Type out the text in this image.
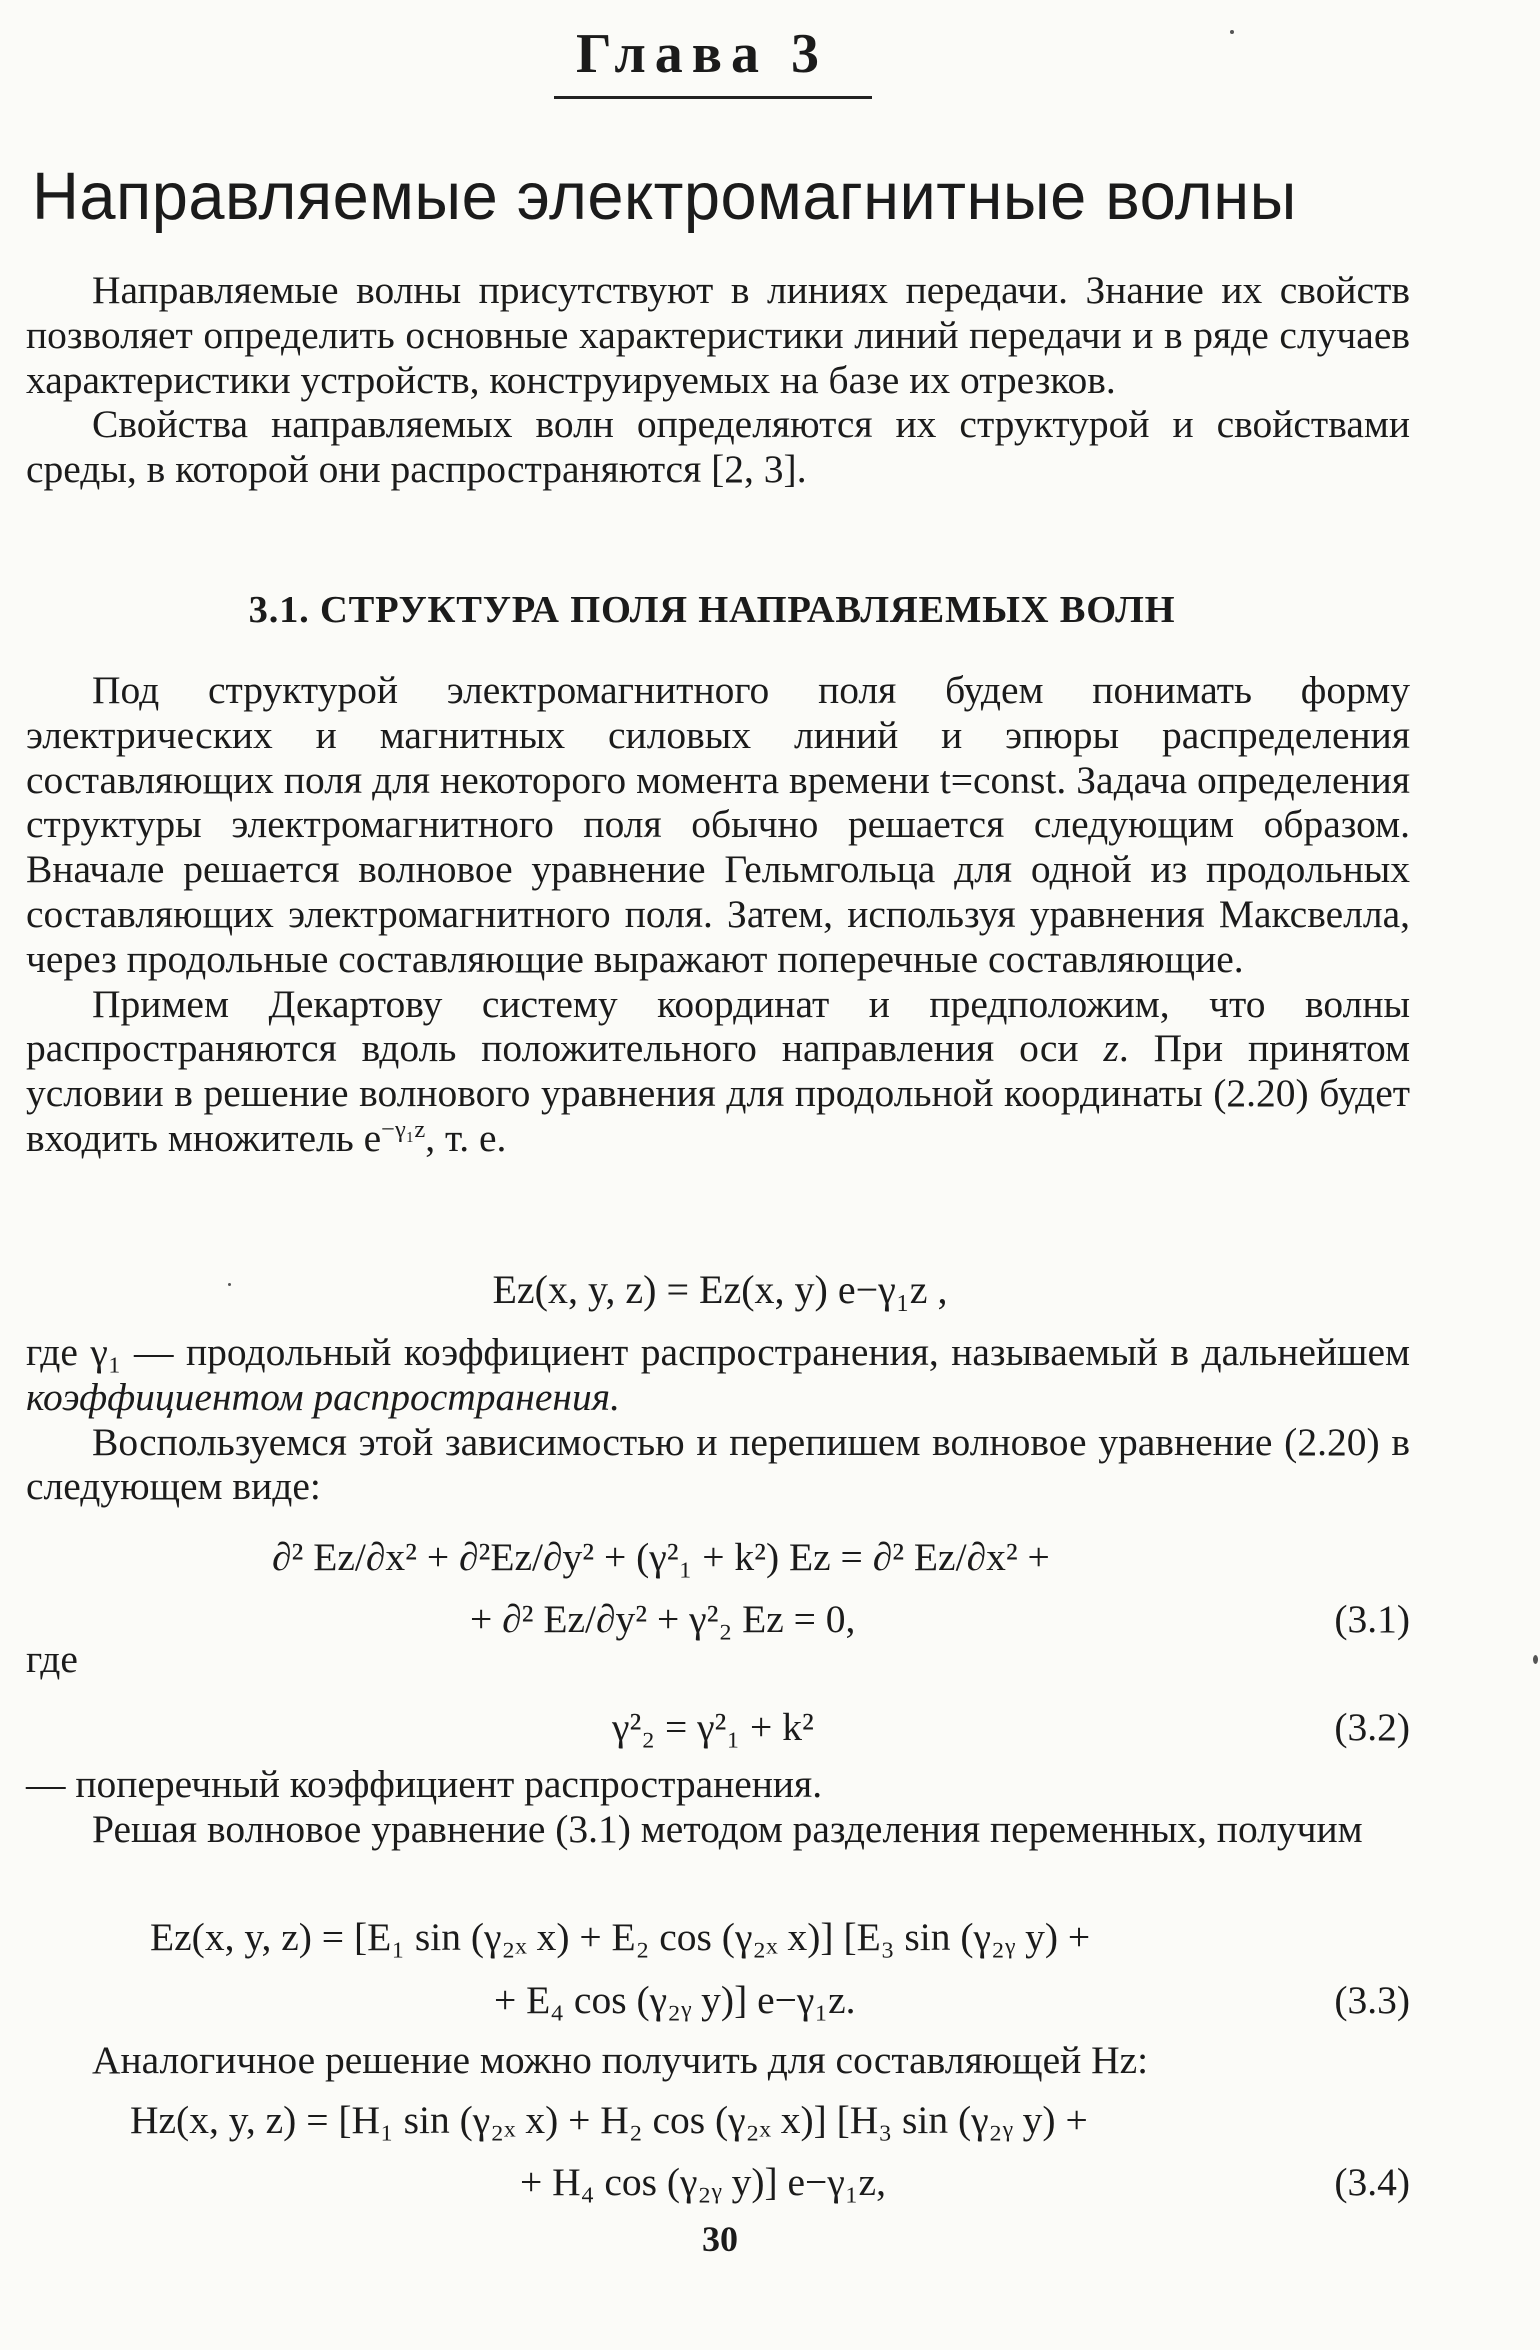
Глава 3
Направляемые электромагнитные волны

Направляемые волны присутствуют в линиях передачи. Знание их свойств позволяет определить основные характеристики линий передачи и в ряде случаев характеристики устройств, конструируемых на базе их отрезков.

Свойства направляемых волн определяются их структурой и свойствами среды, в которой они распространяются [2, 3].

3.1. СТРУКТУРА ПОЛЯ НАПРАВЛЯЕМЫХ ВОЛН

Под структурой электромагнитного поля будем понимать форму электрических и магнитных силовых линий и эпюры распределения составляющих поля для некоторого момента времени t=const. Задача определения структуры электромагнитного поля обычно решается следующим образом. Вначале решается волновое уравнение Гельмгольца для одной из продольных составляющих электромагнитного поля. Затем, используя уравнения Максвелла, через продольные составляющие выражают поперечные составляющие.

Примем Декартову систему координат и предположим, что волны распространяются вдоль положительного направления оси z. При принятом условии в решение волнового уравнения для продольной координаты (2.20) будет входить множитель $e^{-\gamma_1z}$, т. е.

Ez(x, y, z) = Ez(x, y) e−γ₁z ,

где γ₁ — продольный коэффициент распространения, называемый в дальнейшем коэффициентом распространения.

Воспользуемся этой зависимостью и перепишем волновое уравнение (2.20) в следующем виде:

∂² Ez/∂x² + ∂²Ez/∂y² + (γ²₁ + k²) Ez = ∂² Ez/∂x² +
+ ∂² Ez/∂y² + γ²₂ Ez = 0,	(3.1)
где
γ²₂ = γ²₁ + k²	(3.2)

— поперечный коэффициент распространения.

Решая волновое уравнение (3.1) методом разделения переменных, получим

Ez(x, y, z) = [E₁ sin (γ₂ₓ x) + E₂ cos (γ₂ₓ x)] [E₃ sin (γ₂ᵧ y) +
+ E₄ cos (γ₂ᵧ y)] e−γ₁z.	(3.3)
Аналогичное решение можно получить для составляющей Hz:
Hz(x, y, z) = [H₁ sin (γ₂ₓ x) + H₂ cos (γ₂ₓ x)] [H₃ sin (γ₂ᵧ y) +
+ H₄ cos (γ₂ᵧ y)] e−γ₁z,	(3.4)
30
